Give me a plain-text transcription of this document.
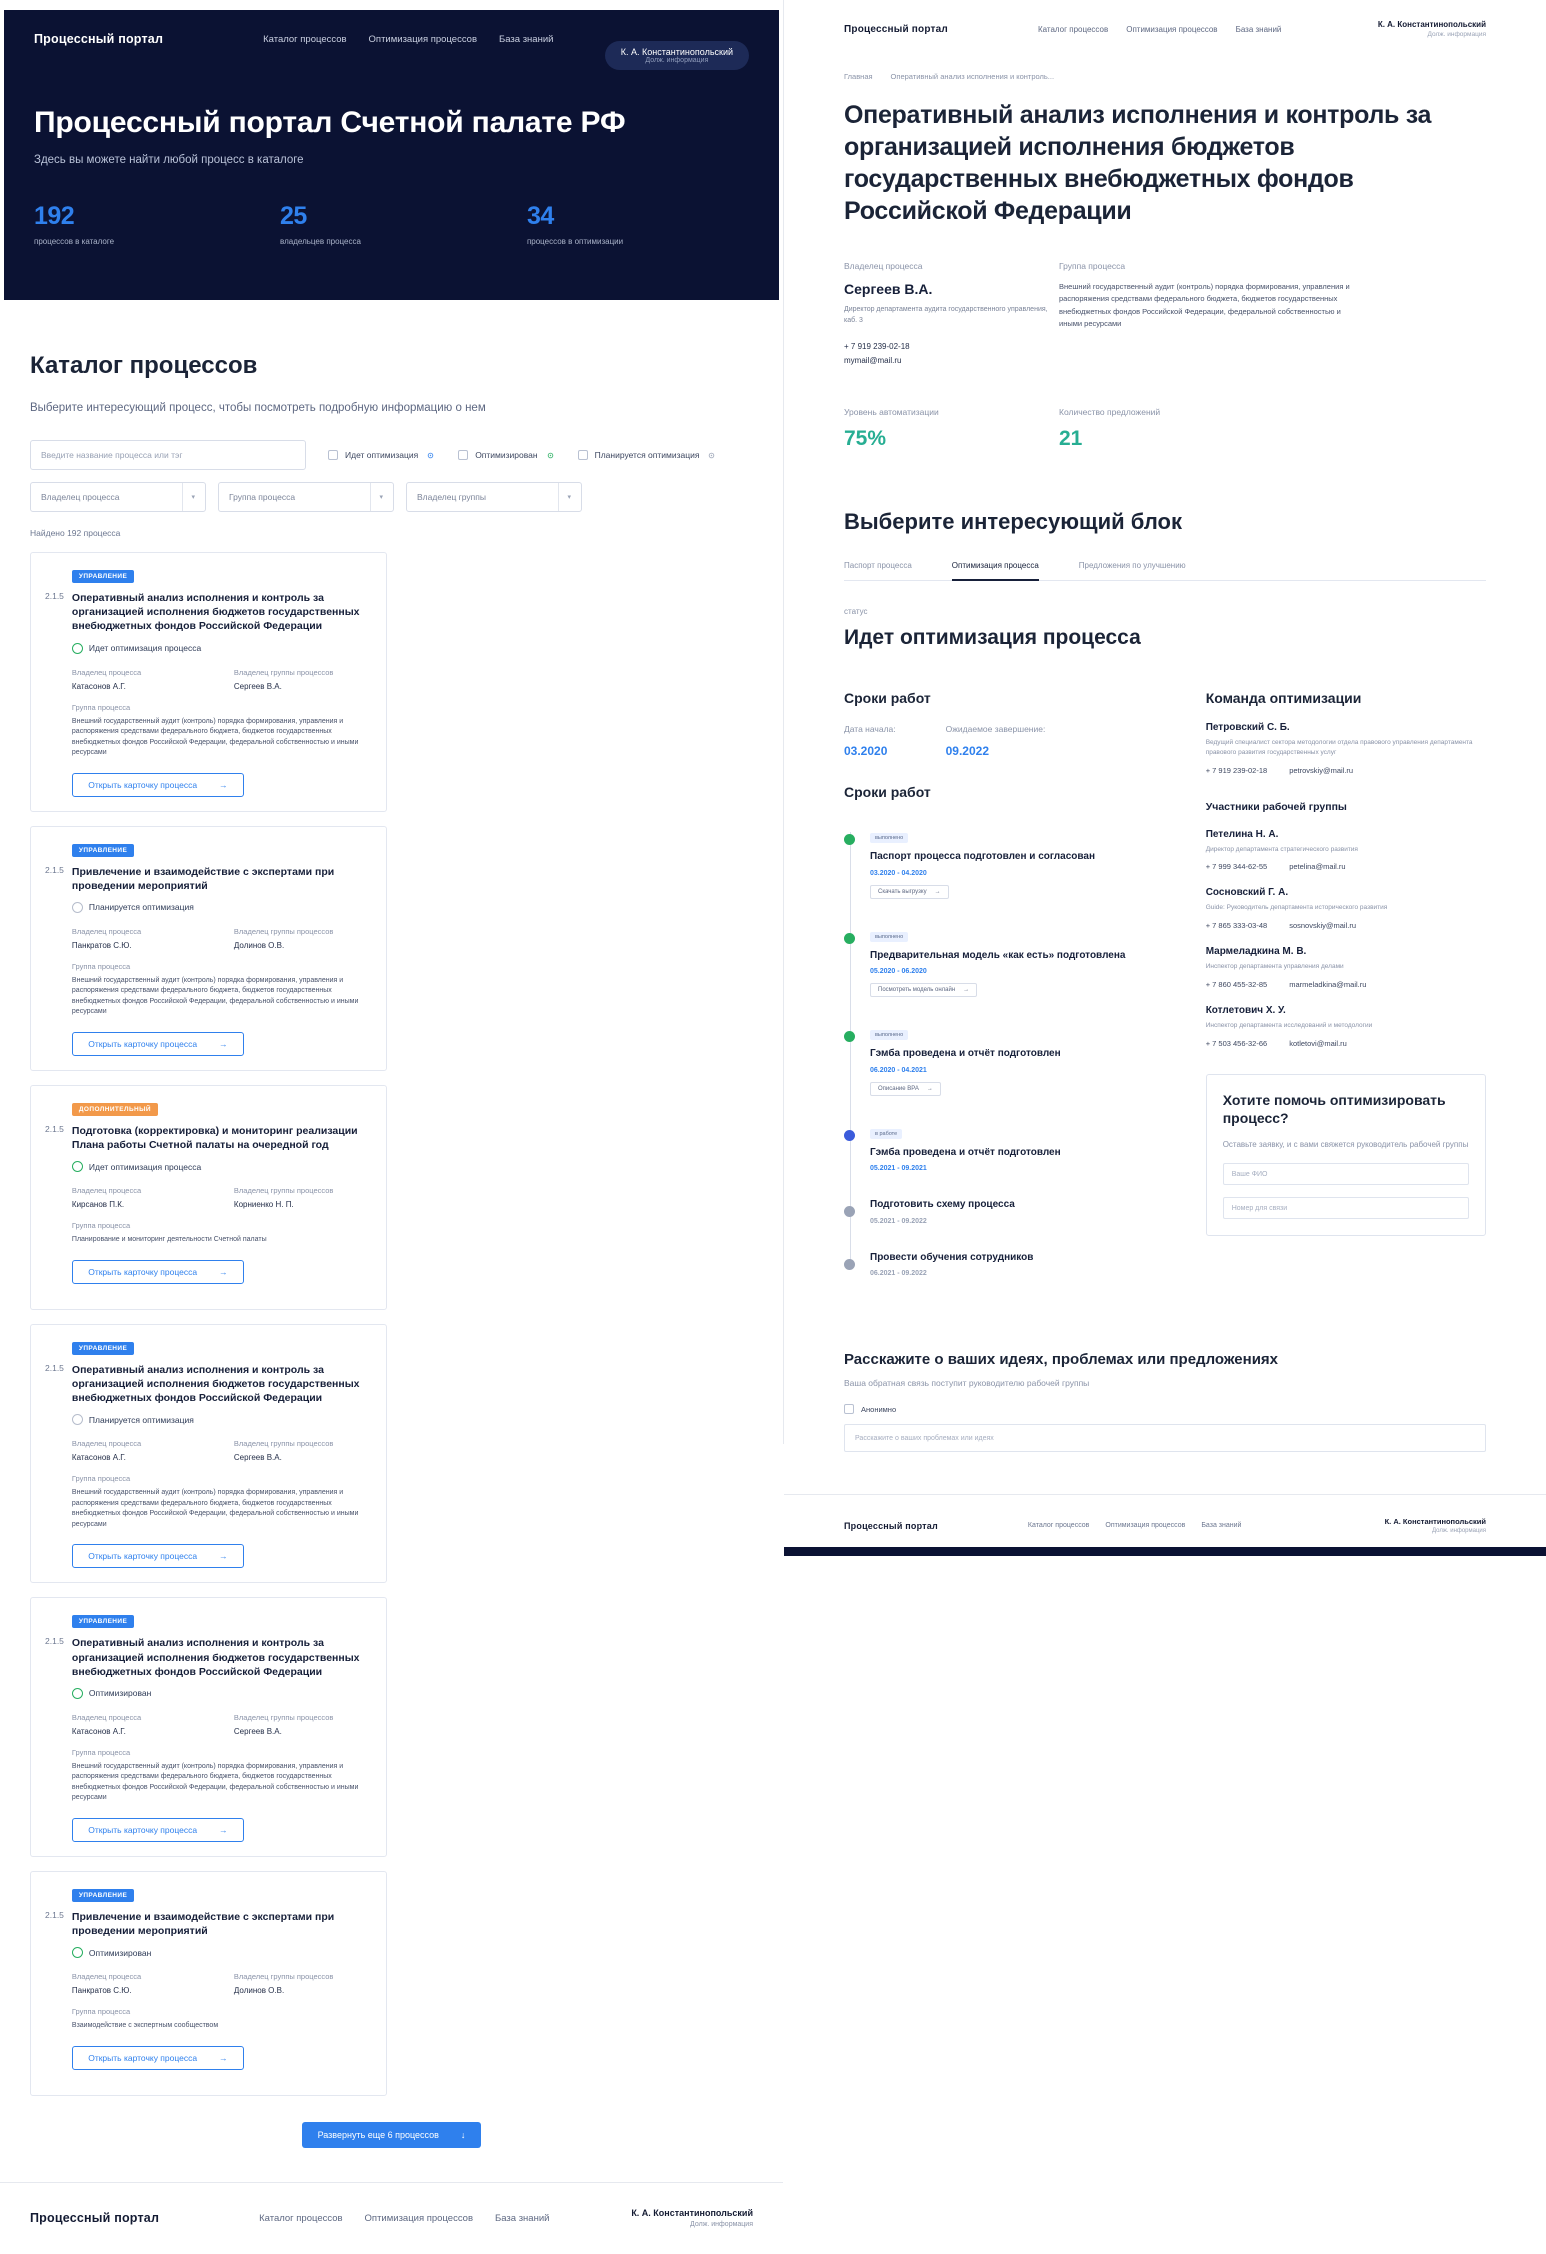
Процессный портал	Каталог процессов Оптимизация процессов База знаний
К. А. Константинопольский
Долж. информация
Процессный портал Счетной палате РФ
Здесь вы можете найти любой процесс в каталоге
192
процессов в каталоге
25
владельцев процесса
34
процессов в оптимизации
Каталог процессов
Выберите интересующий процесс, чтобы посмотреть подробную информацию о нем
Введите название процесса или тэг	Идет оптимизация	Оптимизирован	Планируется оптимизация
Владелец процесса	▾	Группа процесса	▾	Владелец группы	▾
Найдено 192 процесса
2.1.5
УПРАВЛЕНИЕ
Оперативный анализ исполнения и контроль за организацией исполнения бюджетов государственных внебюджетных фондов Российской Федерации
Идет оптимизация процесса
Владелец процесса
Катасонов А.Г.
Владелец группы процессов
Сергеев В.А.
Группа процесса
Внешний государственный аудит (контроль) порядка формирования, управления и распоряжения средствами федерального бюджета, бюджетов государственных внебюджетных фондов Российской Федерации, федеральной собственностью и иными ресурсами
Открыть карточку процесса	→
2.1.5
УПРАВЛЕНИЕ
Привлечение и взаимодействие с экспертами при проведении мероприятий
Планируется оптимизация
Владелец процесса
Панкратов С.Ю.
Владелец группы процессов
Долинов О.В.
Группа процесса
Внешний государственный аудит (контроль) порядка формирования, управления и распоряжения средствами федерального бюджета, бюджетов государственных внебюджетных фондов Российской Федерации, федеральной собственностью и иными ресурсами
Открыть карточку процесса	→
2.1.5
ДОПОЛНИТЕЛЬНЫЙ
Подготовка (корректировка) и мониторинг реализации Плана работы Счетной палаты на очередной год
Идет оптимизация процесса
Владелец процесса
Кирсанов П.К.
Владелец группы процессов
Корниенко Н. П.
Группа процесса
Планирование и мониторинг деятельности Счетной палаты
Открыть карточку процесса	→
2.1.5
УПРАВЛЕНИЕ
Оперативный анализ исполнения и контроль за организацией исполнения бюджетов государственных внебюджетных фондов Российской Федерации
Планируется оптимизация
Владелец процесса
Катасонов А.Г.
Владелец группы процессов
Сергеев В.А.
Группа процесса
Внешний государственный аудит (контроль) порядка формирования, управления и распоряжения средствами федерального бюджета, бюджетов государственных внебюджетных фондов Российской Федерации, федеральной собственностью и иными ресурсами
Открыть карточку процесса	→
2.1.5
УПРАВЛЕНИЕ
Оперативный анализ исполнения и контроль за организацией исполнения бюджетов государственных внебюджетных фондов Российской Федерации
Оптимизирован
Владелец процесса
Катасонов А.Г.
Владелец группы процессов
Сергеев В.А.
Группа процесса
Внешний государственный аудит (контроль) порядка формирования, управления и распоряжения средствами федерального бюджета, бюджетов государственных внебюджетных фондов Российской Федерации, федеральной собственностью и иными ресурсами
Открыть карточку процесса	→
2.1.5
УПРАВЛЕНИЕ
Привлечение и взаимодействие с экспертами при проведении мероприятий
Оптимизирован
Владелец процесса
Панкратов С.Ю.
Владелец группы процессов
Долинов О.В.
Группа процесса
Взаимодействие с экспертным сообществом
Открыть карточку процесса	→
Развернуть еще 6 процессов ↓
Процессный портал	Каталог процессов Оптимизация процессов База знаний	К. А. Константинопольский
Долж. информация
Процессный портал	Каталог процессов Оптимизация процессов База знаний	К. А. Константинопольский
Долж. информация
Главная Оперативный анализ исполнения и контроль...
Оперативный анализ исполнения и контроль за организацией исполнения бюджетов государственных внебюджетных фондов Российской Федерации
Владелец процесса
Сергеев В.А.
Директор департамента аудита государственного управления, каб. 3
+ 7 919 239-02-18
mymail@mail.ru
Группа процесса
Внешний государственный аудит (контроль) порядка формирования, управления и распоряжения средствами федерального бюджета, бюджетов государственных внебюджетных фондов Российской Федерации, федеральной собственностью и иными ресурсами
Уровень автоматизации
75%
Количество предложений
21
Выберите интересующий блок
Паспорт процесса	Оптимизация процесса	Предложения по улучшению
статус
Идет оптимизация процесса
Сроки работ
Дата начала:
03.2020
Ожидаемое завершение:
09.2022
Сроки работ
выполнено
Паспорт процесса подготовлен и согласован
03.2020 - 04.2020
Скачать выгрузку →
выполнено
Предварительная модель «как есть» подготовлена
05.2020 - 06.2020
Посмотреть модель онлайн →
выполнено
Гэмба проведена и отчёт подготовлен
06.2020 - 04.2021
Описание BPA →
в работе
Гэмба проведена и отчёт подготовлен
05.2021 - 09.2021
Подготовить схему процесса
05.2021 - 09.2022
Провести обучения сотрудников
06.2021 - 09.2022
Команда оптимизации
Петровский С. Б.
Ведущий специалист сектора методологии отдела правового управления департамента правового развития государственных услуг
+ 7 919 239-02-18	petrovskiy@mail.ru
Участники рабочей группы
Петелина Н. А.
Директор департамента стратегического развития
+ 7 999 344-62-55	petelina@mail.ru
Сосновский Г. А.
Guide: Руководитель департамента исторического развития
+ 7 865 333-03-48	sosnovskiy@mail.ru
Мармеладкина М. В.
Инспектор департамента управления делами
+ 7 860 455-32-85	marmeladkina@mail.ru
Котлетович Х. У.
Инспектор департамента исследований и методологии
+ 7 503 456-32-66	kotletovi@mail.ru
Хотите помочь оптимизировать процесс?

Оставьте заявку, и с вами свяжется руководитель рабочей группы

Ваше ФИО
Номер для связи
Расскажите о ваших идеях, проблемах или предложениях
Ваша обратная связь поступит руководителю рабочей группы
Анонимно
Расскажите о ваших проблемах или идеях
Процессный портал	Каталог процессов Оптимизация процессов База знаний	К. А. Константинопольский
Долж. информация
